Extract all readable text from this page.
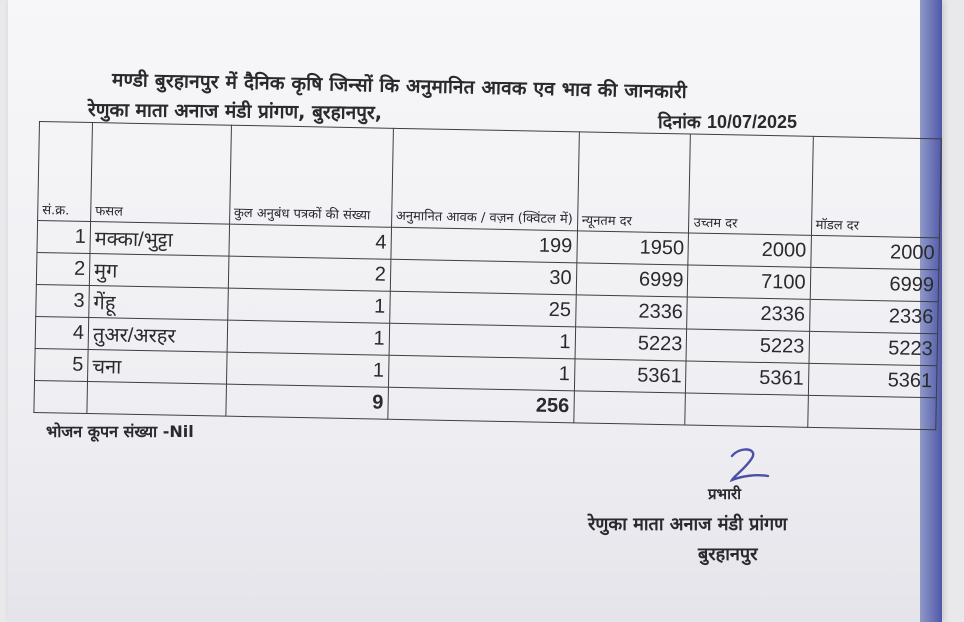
मण्डी बुरहानपुर में दैनिक कृषि जिन्सों कि अनुमानित आवक एव भाव की जानकारी
रेणुका माता अनाज मंडी प्रांगण, बुरहानपुर,	दिनांक 10/07/2025
सं.क्र.	फसल	कुल अनुबंध पत्रकों की संख्या	अनुमानित आवक / वज़न (क्विंटल में)	न्यूनतम दर	उच्तम दर	मॉडल दर
1	मक्का/भुट्टा	4	199	1950	2000	2000
2	मुग	2	30	6999	7100	6999
3	गेंहू	1	25	2336	2336	2336
4	तुअर/अरहर	1	1	5223	5223	5223
5	चना	1	1	5361	5361	5361
		9	256			
भोजन कूपन संख्या -Nil
प्रभारी
रेणुका माता अनाज मंडी प्रांगण
बुरहानपुर
